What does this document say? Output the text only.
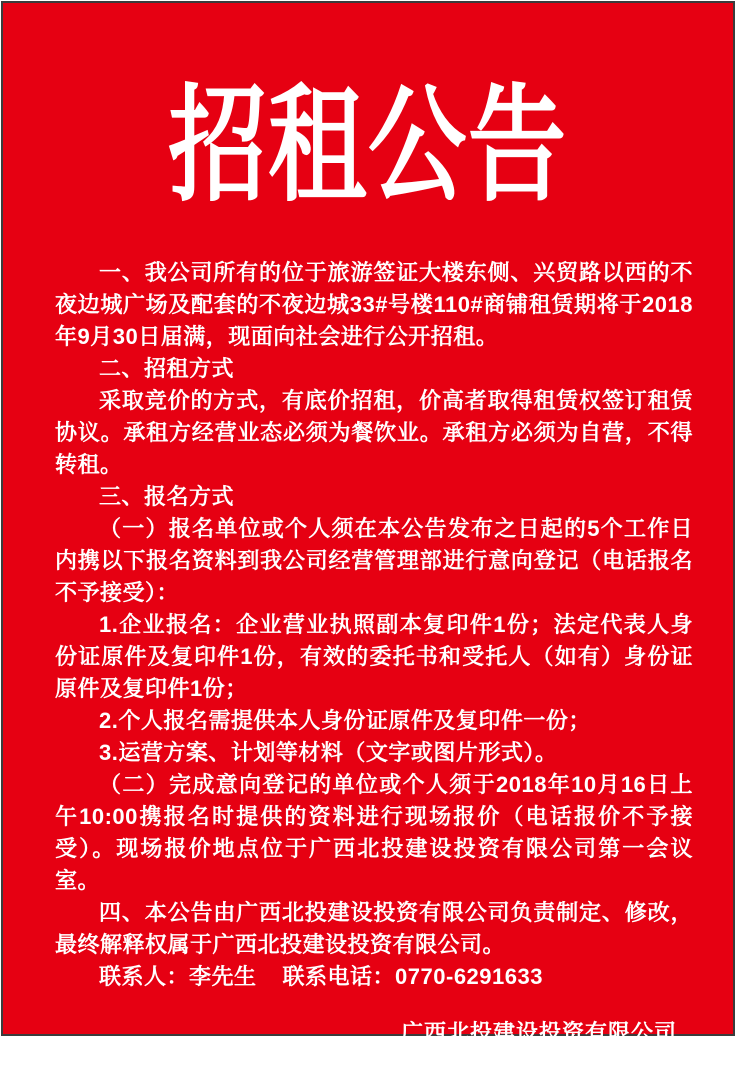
招租公告

一、我公司所有的位于旅游签证大楼东侧、兴贸路以西的不夜边城广场及配套的不夜边城33#号楼110#商铺租赁期将于2018年9月30日届满，现面向社会进行公开招租。

二、招租方式

采取竞价的方式，有底价招租，价高者取得租赁权签订租赁协议。承租方经营业态必须为餐饮业。承租方必须为自营，不得转租。

三、报名方式

（一）报名单位或个人须在本公告发布之日起的5个工作日内携以下报名资料到我公司经营管理部进行意向登记（电话报名不予接受）：

1.企业报名：企业营业执照副本复印件1份；法定代表人身份证原件及复印件1份，有效的委托书和受托人（如有）身份证原件及复印件1份；

2.个人报名需提供本人身份证原件及复印件一份；

3.运营方案、计划等材料（文字或图片形式）。

（二）完成意向登记的单位或个人须于2018年10月16日上午10:00携报名时提供的资料进行现场报价（电话报价不予接受）。现场报价地点位于广西北投建设投资有限公司第一会议室。

四、本公告由广西北投建设投资有限公司负责制定、修改，最终解释权属于广西北投建设投资有限公司。

联系人：李先生 联系电话：0770-6291633

广西北投建设投资有限公司
2018年9月30日
